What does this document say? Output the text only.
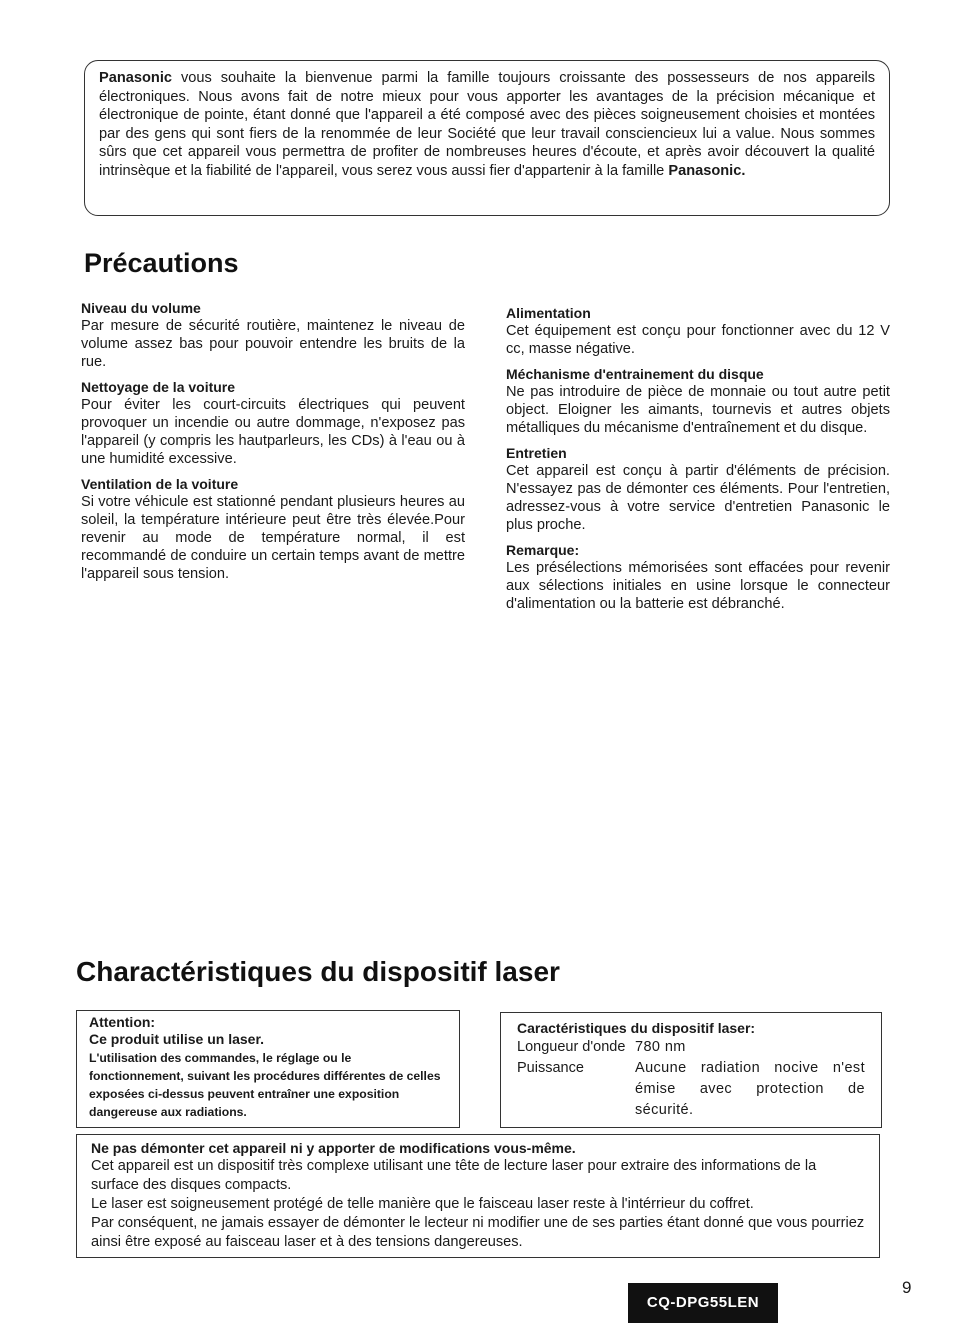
Panasonic vous souhaite la bienvenue parmi la famille toujours croissante des possesseurs de nos appareils électroniques. Nous avons fait de notre mieux pour vous apporter les avantages de la précision mécanique et électronique de pointe, étant donné que l'appareil a été composé avec des pièces soigneusement choisies et montées par des gens qui sont fiers de la renommée de leur Société que leur travail consciencieux lui a value. Nous sommes sûrs que cet appareil vous permettra de profiter de nombreuses heures d'écoute, et après avoir découvert la qualité intrinsèque et la fiabilité de l'appareil, vous serez vous aussi fier d'appartenir à la famille Panasonic.

Précautions
Niveau du volume

Par mesure de sécurité routière, maintenez le niveau de volume assez bas pour pouvoir entendre les bruits de la rue.

Nettoyage de la voiture

Pour éviter les court-circuits électriques qui peuvent provoquer un incendie ou autre dommage, n'exposez pas l'appareil (y compris les hautparleurs, les CDs) à l'eau ou à une humidité excessive.

Ventilation de la voiture

Si votre véhicule est stationné pendant plusieurs heures au soleil, la température intérieure peut être très élevée.Pour revenir au mode de température normal, il est recommandé de conduire un certain temps avant de mettre l'appareil sous tension.

Alimentation

Cet équipement est conçu pour fonctionner avec du 12 V cc, masse négative.

Méchanisme d'entrainement du disque

Ne pas introduire de pièce de monnaie ou tout autre petit object. Eloigner les aimants, tournevis et autres objets métalliques du mécanisme d'entraînement et du disque.

Entretien

Cet appareil est conçu à partir d'éléments de précision. N'essayez pas de démonter ces éléments. Pour l'entretien, adressez-vous à votre service d'entretien Panasonic le plus proche.

Remarque:

Les présélections mémorisées sont effacées pour revenir aux sélections initiales en usine lorsque le connecteur d'alimentation ou la batterie est débranché.

Charactéristiques du dispositif laser
Attention:
Ce produit utilise un laser.
L'utilisation des commandes, le réglage ou le fonctionnement, suivant les procédures différentes de celles exposées ci-dessus peuvent entraîner une exposition dangereuse aux radiations.
Caractéristiques du dispositif laser:
Longueur d'onde	780 nm
Puissance	Aucune radiation nocive n'est émise avec protection de sécurité.
Ne pas démonter cet appareil ni y apporter de modifications vous-même.

Cet appareil est un dispositif très complexe utilisant une tête de lecture laser pour extraire des informations de la surface des disques compacts.

Le laser est soigneusement protégé de telle manière que le faisceau laser reste à l'intérrieur du coffret.

Par conséquent, ne jamais essayer de démonter le lecteur ni modifier une de ses parties étant donné que vous pourriez ainsi être exposé au faisceau laser et à des tensions dangereuses.

CQ-DPG55LEN
9
